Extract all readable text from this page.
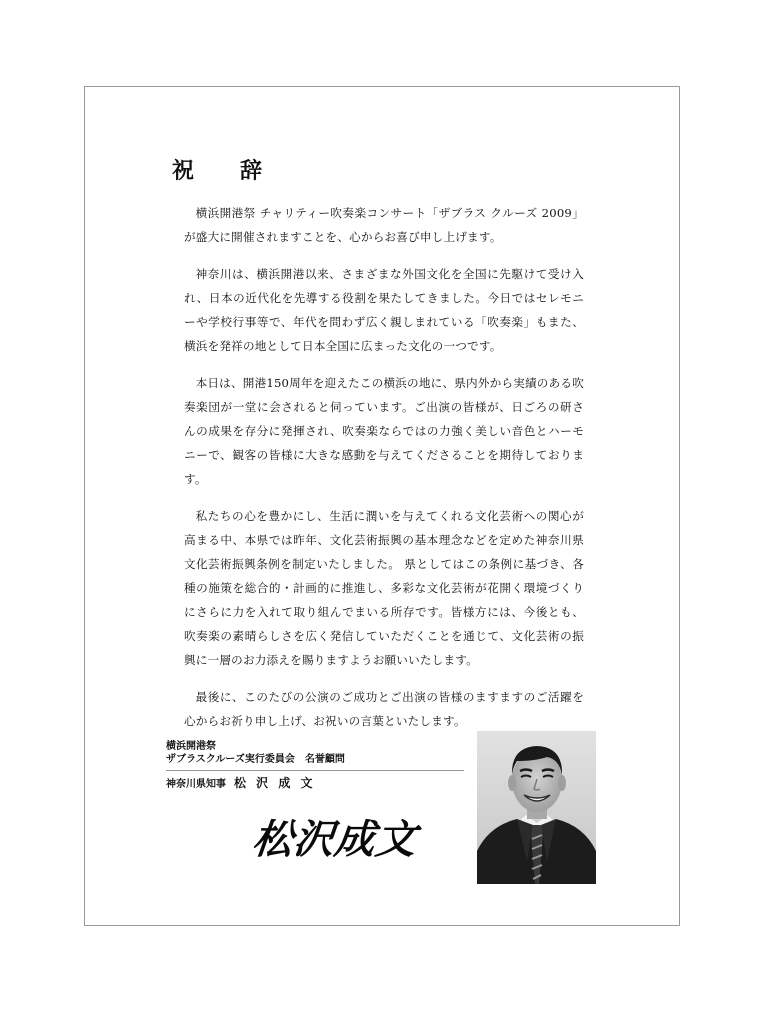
祝　辞

横浜開港祭 チャリティー吹奏楽コンサート「ザブラス クルーズ 2009」が盛大に開催されますことを、心からお喜び申し上げます。

神奈川は、横浜開港以来、さまざまな外国文化を全国に先駆けて受け入れ、日本の近代化を先導する役割を果たしてきました。今日ではセレモニーや学校行事等で、年代を問わず広く親しまれている「吹奏楽」もまた、横浜を発祥の地として日本全国に広まった文化の一つです。

本日は、開港150周年を迎えたこの横浜の地に、県内外から実績のある吹奏楽団が一堂に会されると伺っています。ご出演の皆様が、日ごろの研さんの成果を存分に発揮され、吹奏楽ならではの力強く美しい音色とハーモニーで、観客の皆様に大きな感動を与えてくださることを期待しております。

私たちの心を豊かにし、生活に潤いを与えてくれる文化芸術への関心が高まる中、本県では昨年、文化芸術振興の基本理念などを定めた神奈川県文化芸術振興条例を制定いたしました。 県としてはこの条例に基づき、各種の施策を総合的・計画的に推進し、多彩な文化芸術が花開く環境づくりにさらに力を入れて取り組んでまいる所存です。皆様方には、今後とも、吹奏楽の素晴らしさを広く発信していただくことを通じて、文化芸術の振興に一層のお力添えを賜りますようお願いいたします。

最後に、このたびの公演のご成功とご出演の皆様のますますのご活躍を心からお祈り申し上げ、お祝いの言葉といたします。

横浜開港祭

ザブラスクルーズ実行委員会　名誉顧問

神奈川県知事 松 沢 成 文

松沢成文
